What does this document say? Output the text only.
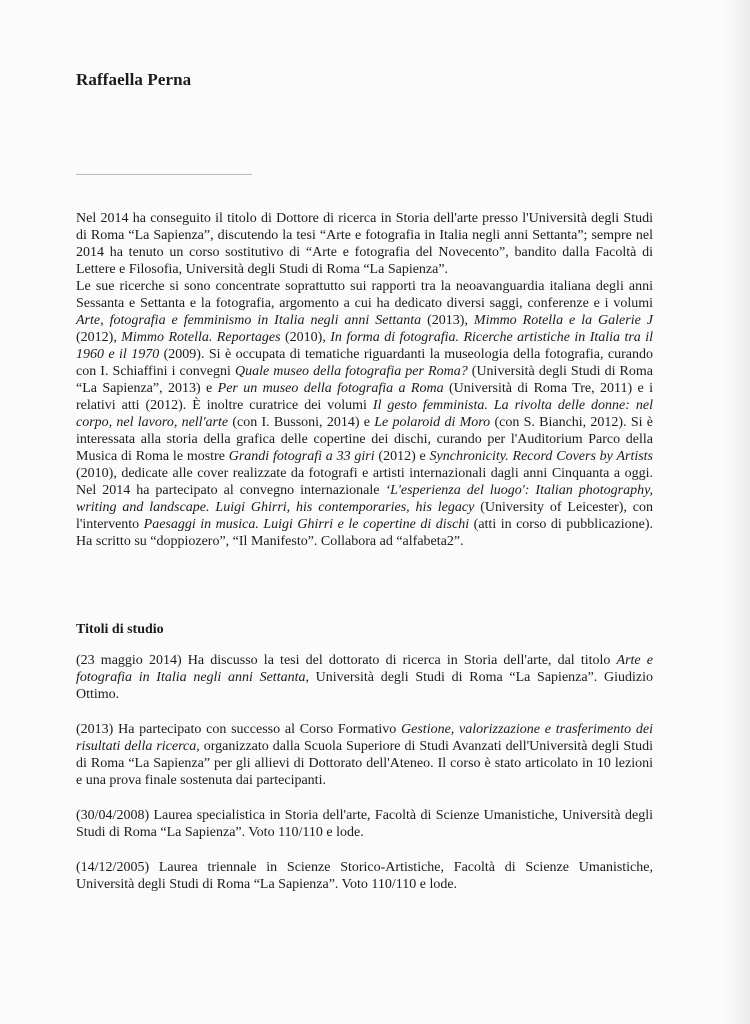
Raffaella Perna

Nel 2014 ha conseguito il titolo di Dottore di ricerca in Storia dell'arte presso l'Università degli Studi di Roma “La Sapienza”, discutendo la tesi “Arte e fotografia in Italia negli anni Settanta”; sempre nel 2014 ha tenuto un corso sostitutivo di “Arte e fotografia del Novecento”, bandito dalla Facoltà di Lettere e Filosofia, Università degli Studi di Roma “La Sapienza”.

Le sue ricerche si sono concentrate soprattutto sui rapporti tra la neoavanguardia italiana degli anni Sessanta e Settanta e la fotografia, argomento a cui ha dedicato diversi saggi, conferenze e i volumi Arte, fotografia e femminismo in Italia negli anni Settanta (2013), Mimmo Rotella e la Galerie J (2012), Mimmo Rotella. Reportages (2010), In forma di fotografia. Ricerche artistiche in Italia tra il 1960 e il 1970 (2009). Si è occupata di tematiche riguardanti la museologia della fotografia, curando con I. Schiaffini i convegni Quale museo della fotografia per Roma? (Università degli Studi di Roma “La Sapienza”, 2013) e Per un museo della fotografia a Roma (Università di Roma Tre, 2011) e i relativi atti (2012). È inoltre curatrice dei volumi Il gesto femminista. La rivolta delle donne: nel corpo, nel lavoro, nell'arte (con I. Bussoni, 2014) e Le polaroid di Moro (con S. Bianchi, 2012). Si è interessata alla storia della grafica delle copertine dei dischi, curando per l'Auditorium Parco della Musica di Roma le mostre Grandi fotografi a 33 giri (2012) e Synchronicity. Record Covers by Artists (2010), dedicate alle cover realizzate da fotografi e artisti internazionali dagli anni Cinquanta a oggi. Nel 2014 ha partecipato al convegno internazionale ‘L'esperienza del luogo': Italian photography, writing and landscape. Luigi Ghirri, his contemporaries, his legacy (University of Leicester), con l'intervento Paesaggi in musica. Luigi Ghirri e le copertine di dischi (atti in corso di pubblicazione). Ha scritto su “doppiozero”, “Il Manifesto”. Collabora ad “alfabeta2”.

Titoli di studio

(23 maggio 2014) Ha discusso la tesi del dottorato di ricerca in Storia dell'arte, dal titolo Arte e fotografia in Italia negli anni Settanta, Università degli Studi di Roma “La Sapienza”. Giudizio Ottimo.

(2013) Ha partecipato con successo al Corso Formativo Gestione, valorizzazione e trasferimento dei risultati della ricerca, organizzato dalla Scuola Superiore di Studi Avanzati dell'Università degli Studi di Roma “La Sapienza” per gli allievi di Dottorato dell'Ateneo. Il corso è stato articolato in 10 lezioni e una prova finale sostenuta dai partecipanti.

(30/04/2008) Laurea specialistica in Storia dell'arte, Facoltà di Scienze Umanistiche, Università degli Studi di Roma “La Sapienza”. Voto 110/110 e lode.

(14/12/2005) Laurea triennale in Scienze Storico-Artistiche, Facoltà di Scienze Umanistiche, Università degli Studi di Roma “La Sapienza”. Voto 110/110 e lode.
